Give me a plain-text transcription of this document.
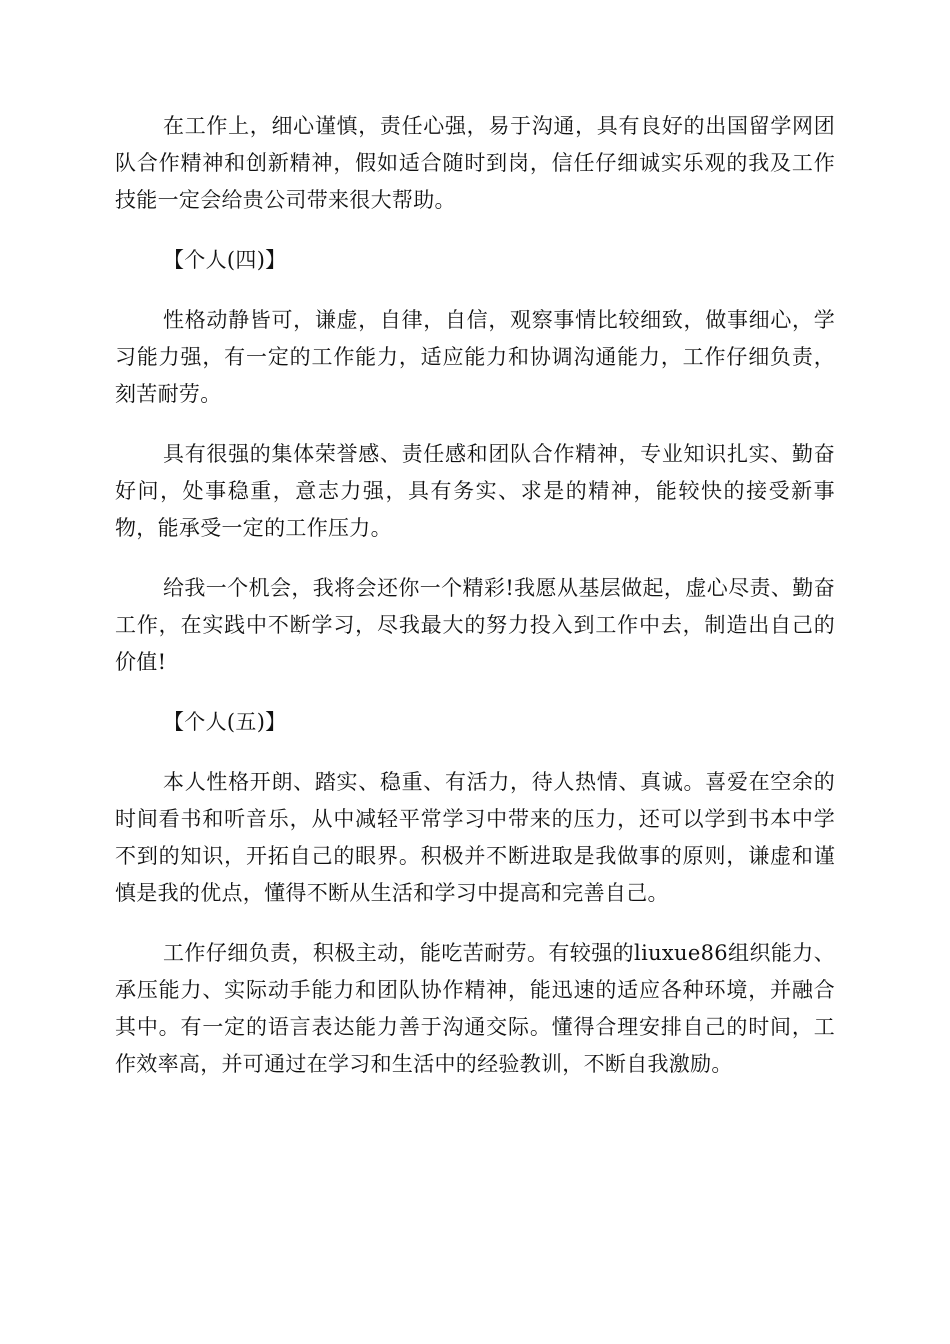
在工作上，细心谨慎，责任心强，易于沟通，具有良好的出国留学网团队合作精神和创新精神，假如适合随时到岗，信任仔细诚实乐观的我及工作技能一定会给贵公司带来很大帮助。

【个人(四)】

性格动静皆可，谦虚，自律，自信，观察事情比较细致，做事细心，学习能力强，有一定的工作能力，适应能力和协调沟通能力，工作仔细负责，刻苦耐劳。

具有很强的集体荣誉感、责任感和团队合作精神，专业知识扎实、勤奋好问，处事稳重，意志力强，具有务实、求是的精神，能较快的接受新事物，能承受一定的工作压力。

给我一个机会，我将会还你一个精彩!我愿从基层做起，虚心尽责、勤奋工作，在实践中不断学习，尽我最大的努力投入到工作中去，制造出自己的价值!

【个人(五)】

本人性格开朗、踏实、稳重、有活力，待人热情、真诚。喜爱在空余的时间看书和听音乐，从中减轻平常学习中带来的压力，还可以学到书本中学不到的知识，开拓自己的眼界。积极并不断进取是我做事的原则，谦虚和谨慎是我的优点，懂得不断从生活和学习中提高和完善自己。

工作仔细负责，积极主动，能吃苦耐劳。有较强的liuxue86组织能力、承压能力、实际动手能力和团队协作精神，能迅速的适应各种环境，并融合其中。有一定的语言表达能力善于沟通交际。懂得合理安排自己的时间，工作效率高，并可通过在学习和生活中的经验教训，不断自我激励。
